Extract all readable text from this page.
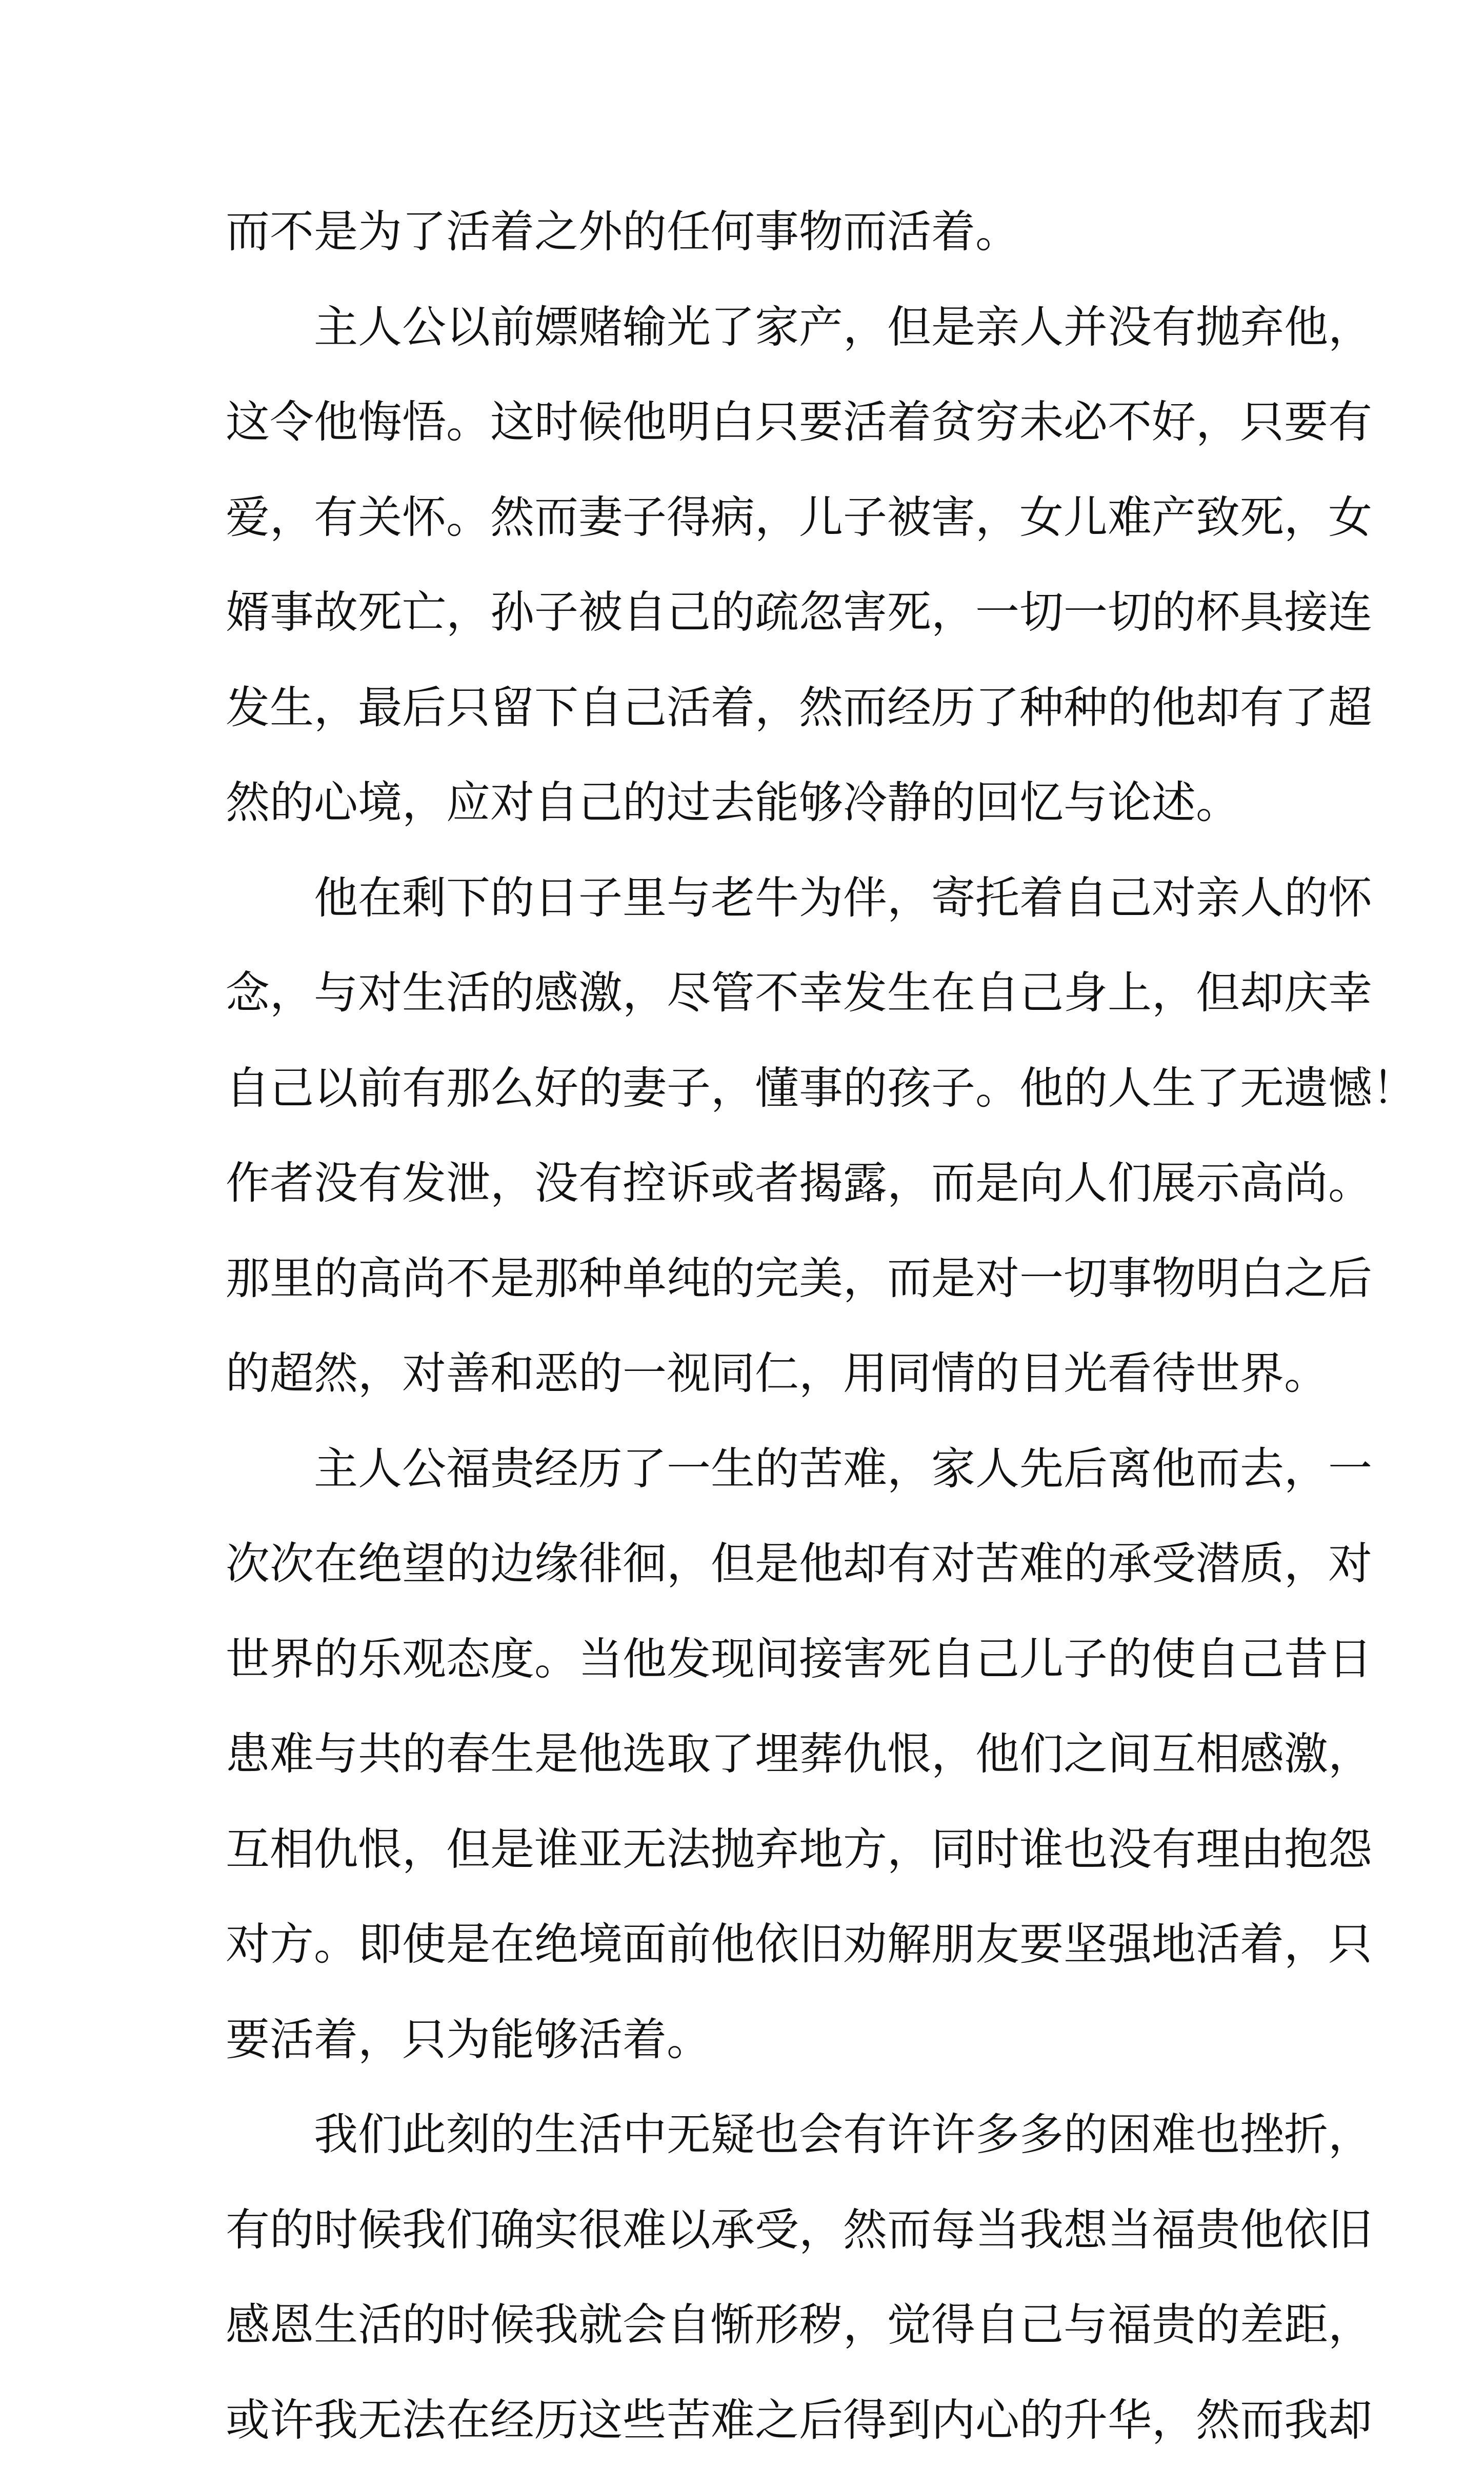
而不是为了活着之外的任何事物而活着。
主人公以前嫖赌输光了家产，但是亲人并没有抛弃他，
这令他悔悟。这时候他明白只要活着贫穷未必不好，只要有
爱，有关怀。然而妻子得病，儿子被害，女儿难产致死，女
婿事故死亡，孙子被自己的疏忽害死，一切一切的杯具接连
发生，最后只留下自己活着，然而经历了种种的他却有了超
然的心境，应对自己的过去能够冷静的回忆与论述。
他在剩下的日子里与老牛为伴，寄托着自己对亲人的怀
念，与对生活的感激，尽管不幸发生在自己身上，但却庆幸
自己以前有那么好的妻子，懂事的孩子。他的人生了无遗憾！
作者没有发泄，没有控诉或者揭露，而是向人们展示高尚。
那里的高尚不是那种单纯的完美，而是对一切事物明白之后
的超然，对善和恶的一视同仁，用同情的目光看待世界。
主人公福贵经历了一生的苦难，家人先后离他而去，一
次次在绝望的边缘徘徊，但是他却有对苦难的承受潜质，对
世界的乐观态度。当他发现间接害死自己儿子的使自己昔日
患难与共的春生是他选取了埋葬仇恨，他们之间互相感激，
互相仇恨，但是谁亚无法抛弃地方，同时谁也没有理由抱怨
对方。即使是在绝境面前他依旧劝解朋友要坚强地活着，只
要活着，只为能够活着。
我们此刻的生活中无疑也会有许许多多的困难也挫折，
有的时候我们确实很难以承受，然而每当我想当福贵他依旧
感恩生活的时候我就会自惭形秽，觉得自己与福贵的差距，
或许我无法在经历这些苦难之后得到内心的升华，然而我却
